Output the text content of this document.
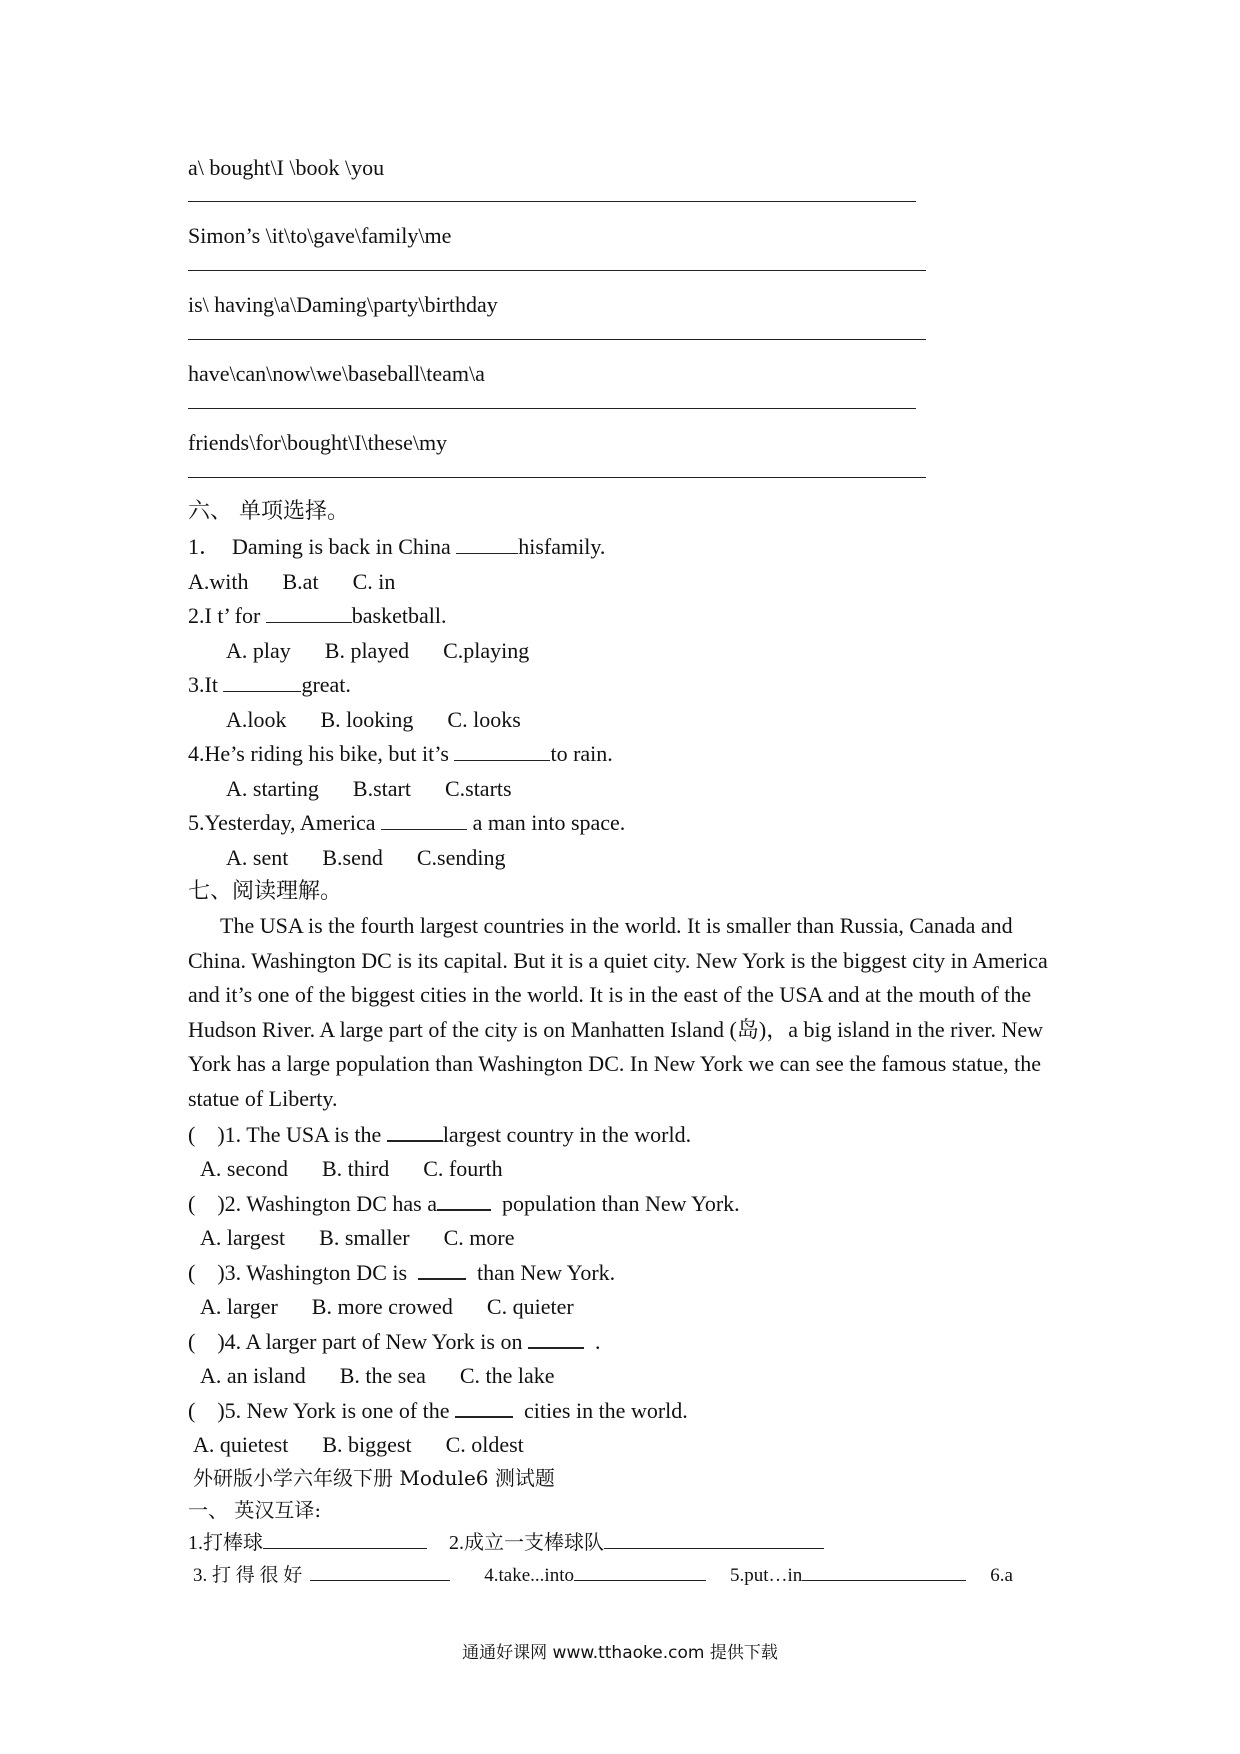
a\ bought\I \book \you
Simon’s \it\to\gave\family\me
is\ having\a\Daming\party\birthday
have\can\now\we\baseball\team\a
friends\for\bought\I\these\my
六、 单项选择。
1．  Daming is back in China	hisfamily.
A.with B.at C. in
2.I t’ for	basketball.
A. play B. played C.playing
3.It	great.
A.look B. looking C. looks
4.He’s riding his bike, but it’s	to rain.
A. starting B.start C.starts
5.Yesterday, America	a man into space.
A. sent B.send C.sending
七、阅读理解。
The USA is the fourth largest countries in the world. It is smaller than Russia, Canada and China. Washington DC is its capital. But it is a quiet city. New York is the biggest city in America and it’s one of the biggest cities in the world. It is in the east of the USA and at the mouth of the Hudson River. A large part of the city is on Manhatten Island (岛)，a big island in the river. New York has a large population than Washington DC. In New York we can see the famous statue, the statue of Liberty.
(    )1. The USA is the	largest country in the world.
A. second B. third C. fourth
(    )2. Washington DC has a  population than New York.
A. largest B. smaller C. more
(    )3. Washington DC is    than New York.
A. larger B. more crowed C. quieter
(    )4. A larger part of New York is on	.
A. an island B. the sea C. the lake
(    )5. New York is one of the	cities in the world.
A. quietest B. biggest C. oldest
外研版小学六年级下册 Module6 测试题
一、 英汉互译:
1.打棒球	2.成立一支棒球队
3. 打 得 很 好	4.take...into	5.put…in	6.a
通通好课网 www.tthaoke.com 提供下载
